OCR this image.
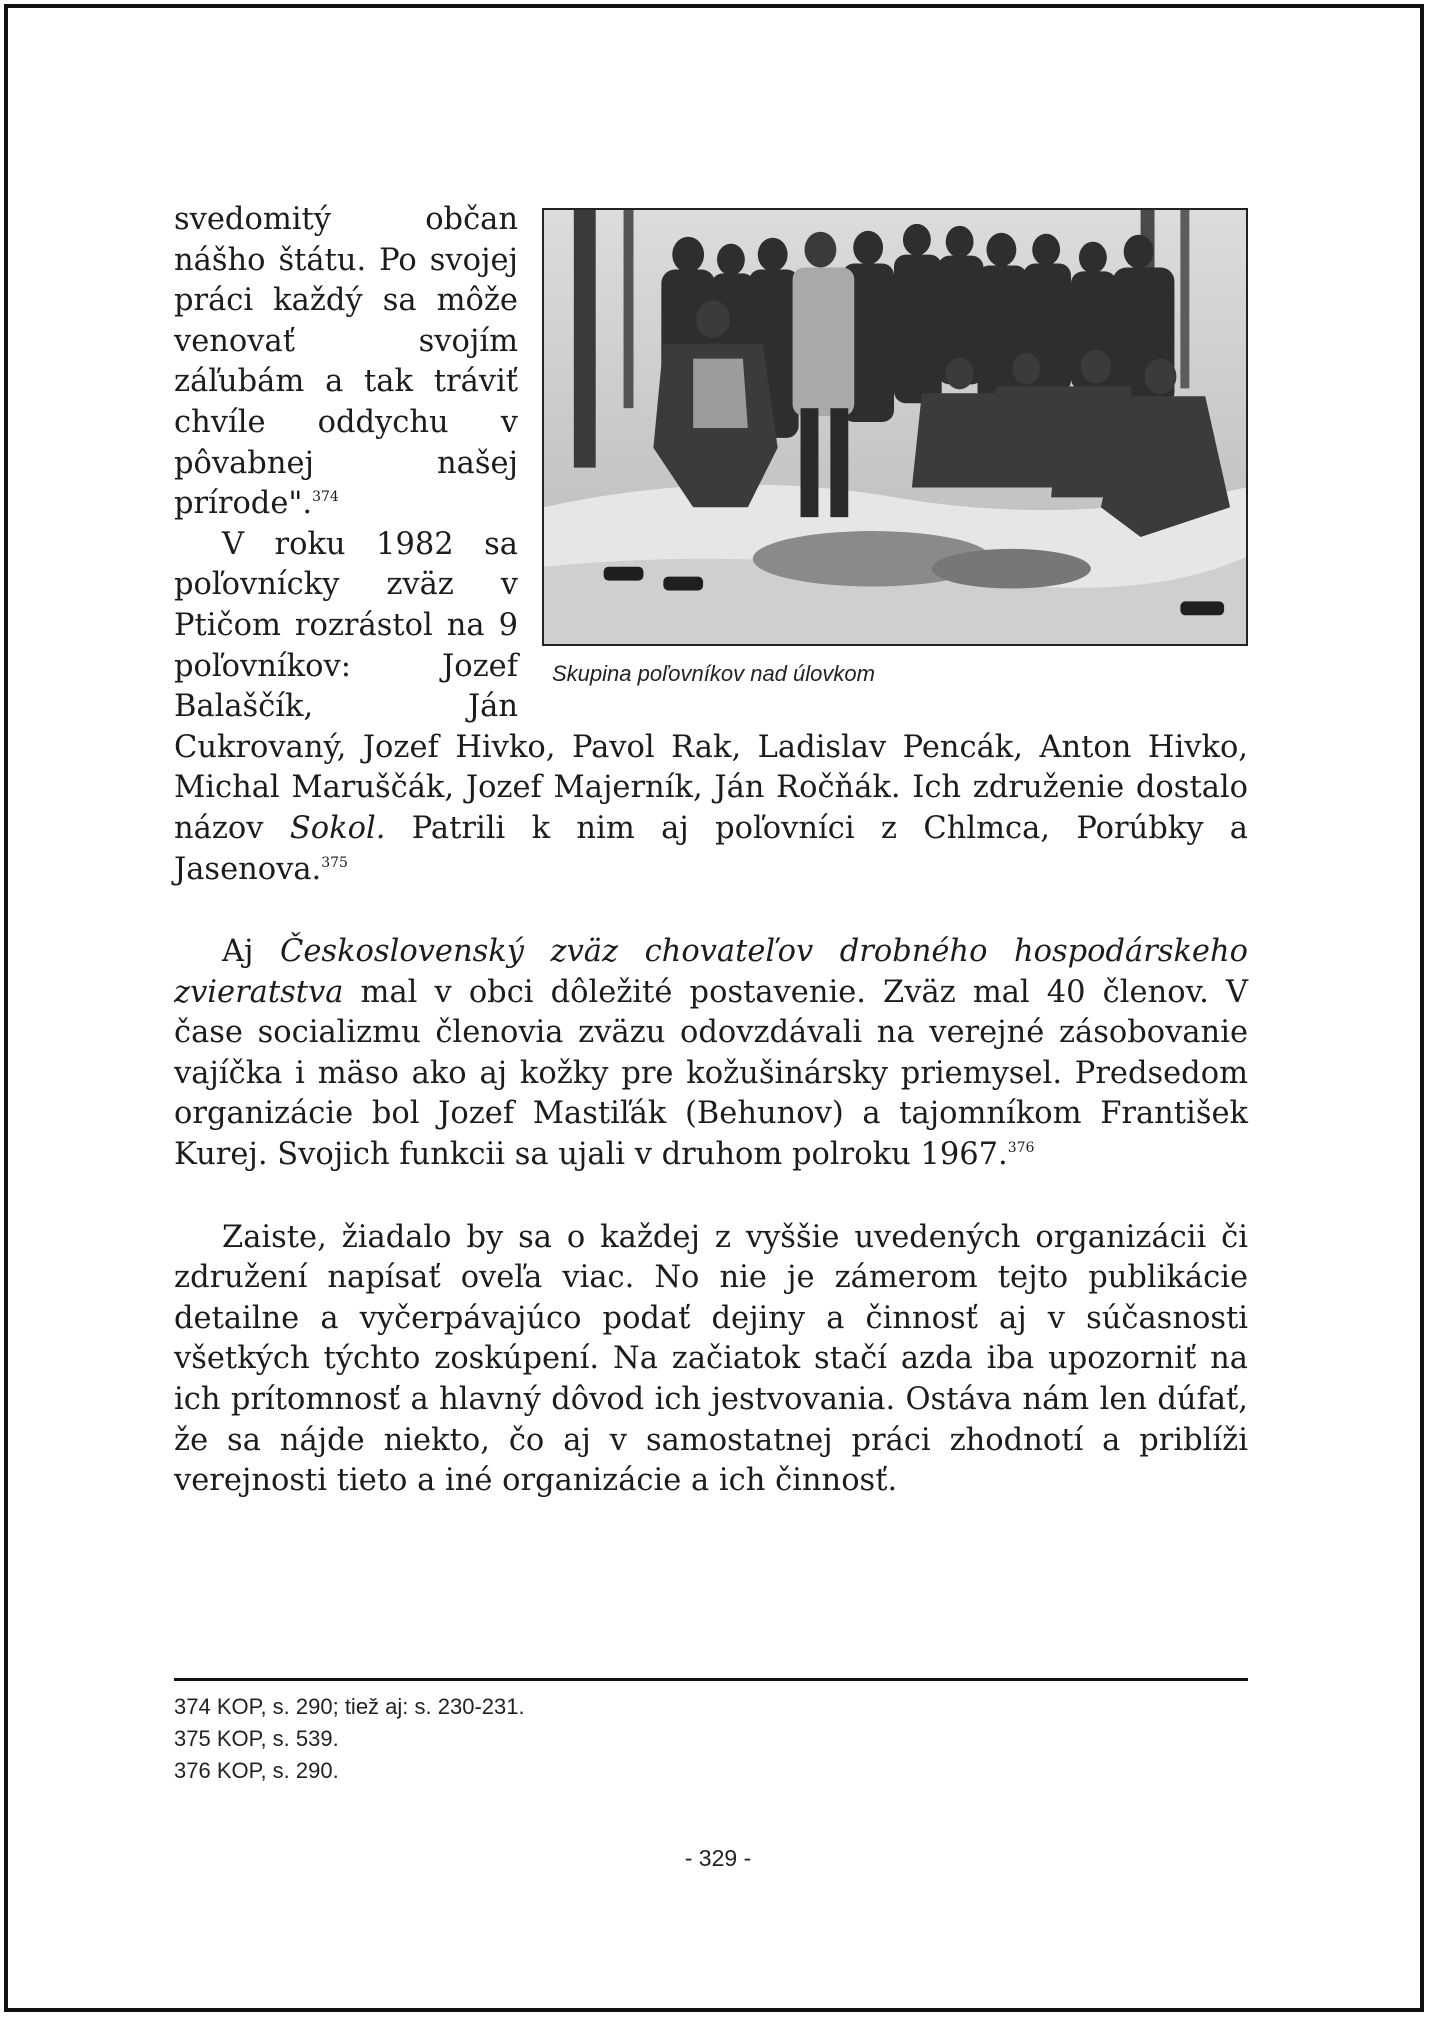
Skupina poľovníkov nad úlovkom

svedomitý občan nášho štátu. Po svojej práci každý sa môže venovať svojím záľubám a tak tráviť chvíle oddychu v pôvabnej našej prírode".$^{374}$

V roku 1982 sa poľovnícky zväz v Ptičom rozrástol na 9 poľovníkov: Jozef Balaščík, Ján Cukrovaný, Jozef Hivko, Pavol Rak, Ladislav Pencák, Anton Hivko, Michal Maruščák, Jozef Majerník, Ján Ročňák. Ich združenie dostalo názov Sokol. Patrili k nim aj poľovníci z Chlmca, Porúbky a Jasenova.$^{375}$

Aj Československý zväz chovateľov drobného hospodárskeho zvieratstva mal v obci dôležité postavenie. Zväz mal 40 členov. V čase socializmu členovia zväzu odovzdávali na verejné zásobovanie vajíčka i mäso ako aj kožky pre kožušinársky priemysel. Predsedom organizácie bol Jozef Mastiľák (Behunov) a tajomníkom František Kurej. Svojich funkcii sa ujali v druhom polroku 1967.$^{376}$

Zaiste, žiadalo by sa o každej z vyššie uvedených organizácii či združení napísať oveľa viac. No nie je zámerom tejto publikácie detailne a vyčerpávajúco podať dejiny a činnosť aj v súčasnosti všetkých týchto zoskúpení. Na začiatok stačí azda iba upozorniť na ich prítomnosť a hlavný dôvod ich jestvovania. Ostáva nám len dúfať, že sa nájde niekto, čo aj v samostatnej práci zhodnotí a priblíži verejnosti tieto a iné organizácie a ich činnosť.

374 KOP, s. 290; tiež aj: s. 230-231.
375 KOP, s. 539.
376 KOP, s. 290.
- 329 -
